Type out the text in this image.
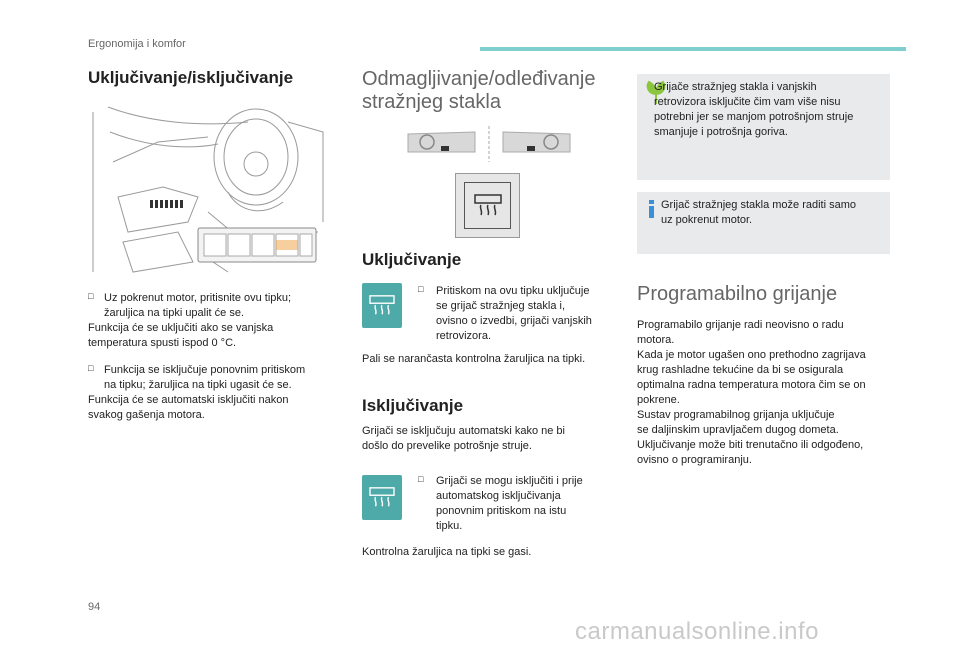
Ergonomija i komfor
Uključivanje/isključivanje
□ Uz pokrenut motor, pritisnite ovu tipku;

žaruljica na tipki upalit će se.

Funkcija će se uključiti ako se vanjska

temperatura spusti ispod 0 °C.

□ Funkcija se isključuje ponovnim pritiskom

na tipku; žaruljica na tipki ugasit će se.

Funkcija će se automatski isključiti nakon

svakog gašenja motora.

Odmagljivanje/odleđivanje
stražnjeg stakla
Uključivanje
□ Pritiskom na ovu tipku uključuje

se grijač stražnjeg stakla i,

ovisno o izvedbi, grijači vanjskih

retrovizora.

Pali se narančasta kontrolna žaruljica na tipki.

Isključivanje

Grijači se isključuju automatski kako ne bi

došlo do prevelike potrošnje struje.

□ Grijači se mogu isključiti i prije

automatskog isključivanja

ponovnim pritiskom na istu

tipku.

Kontrolna žaruljica na tipki se gasi.

Grijače stražnjeg stakla i vanjskih

retrovizora isključite čim vam više nisu

potrebni jer se manjom potrošnjom struje

smanjuje i potrošnja goriva.

Grijač stražnjeg stakla može raditi samo

uz pokrenut motor.

Programabilno grijanje

Programabilo grijanje radi neovisno o radu

motora.

Kada je motor ugašen ono prethodno zagrijava

krug rashladne tekućine da bi se osigurala

optimalna radna temperatura motora čim se on

pokrene.

Sustav programabilnog grijanja uključuje

se daljinskim upravljačem dugog dometa.

Uključivanje može biti trenutačno ili odgođeno,

ovisno o programiranju.

94
carmanualsonline.info
